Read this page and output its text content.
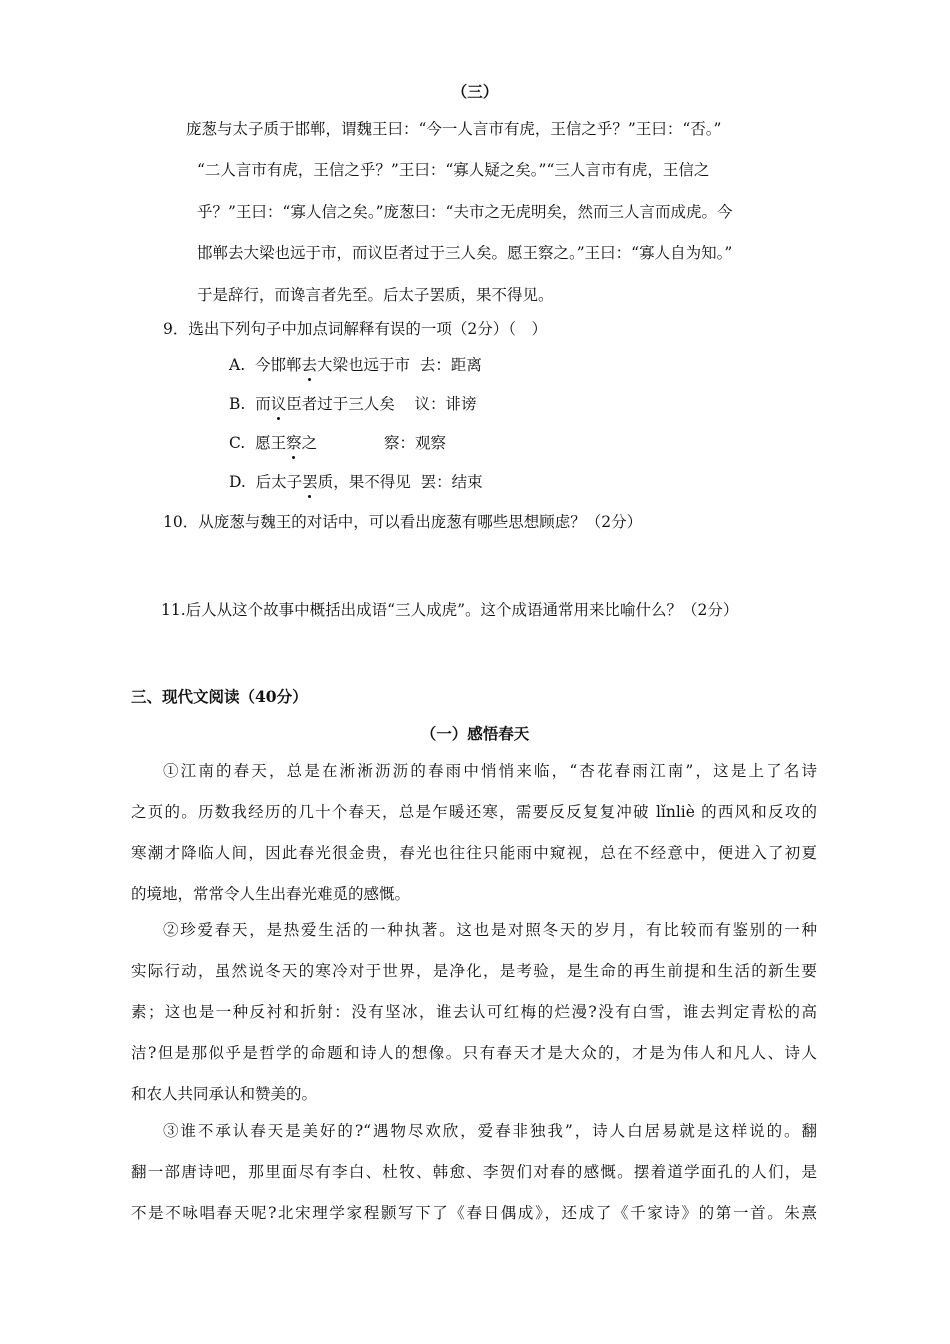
（三）
庞葱与太子质于邯郸，谓魏王曰：“今一人言市有虎，王信之乎？”王曰：“否。”
“二人言市有虎，王信之乎？”王曰：“寡人疑之矣。”“三人言市有虎，王信之
乎？”王曰：“寡人信之矣。”庞葱曰：“夫市之无虎明矣，然而三人言而成虎。今
邯郸去大梁也远于市，而议臣者过于三人矣。愿王察之。”王曰：“寡人自为知。”
于是辞行，而谗言者先至。后太子罢质，果不得见。
9．选出下列句子中加点词解释有误的一项（2分）（　）
A. 今邯郸去大梁也远于市 去：距离
B. 而议臣者过于三人矣 议：诽谤
C. 愿王察之	察：观察
D. 后太子罢质，果不得见 罢：结束
10．从庞葱与魏王的对话中，可以看出庞葱有哪些思想顾虑？（2分）
11.后人从这个故事中概括出成语“三人成虎”。这个成语通常用来比喻什么？（2分）
三、现代文阅读（40分）
（一）感悟春天
①江南的春天，总是在淅淅沥沥的春雨中悄悄来临，“杏花春雨江南”，这是上了名诗
之页的。历数我经历的几十个春天，总是乍暖还寒，需要反反复复冲破 lǐnliè 的西风和反攻的
寒潮才降临人间，因此春光很金贵，春光也往往只能雨中窥视，总在不经意中，便进入了初夏
的境地，常常令人生出春光难觅的感慨。
②珍爱春天，是热爱生活的一种执著。这也是对照冬天的岁月，有比较而有鉴别的一种
实际行动，虽然说冬天的寒冷对于世界，是净化，是考验，是生命的再生前提和生活的新生要
素；这也是一种反衬和折射：没有坚冰，谁去认可红梅的烂漫?没有白雪，谁去判定青松的高
洁?但是那似乎是哲学的命题和诗人的想像。只有春天才是大众的，才是为伟人和凡人、诗人
和农人共同承认和赞美的。
③谁不承认春天是美好的?“遇物尽欢欣，爱春非独我”，诗人白居易就是这样说的。翻
翻一部唐诗吧，那里面尽有李白、杜牧、韩愈、李贺们对春的感慨。摆着道学面孔的人们，是
不是不咏唱春天呢?北宋理学家程颢写下了《春日偶成》，还成了《千家诗》的第一首。朱熹
